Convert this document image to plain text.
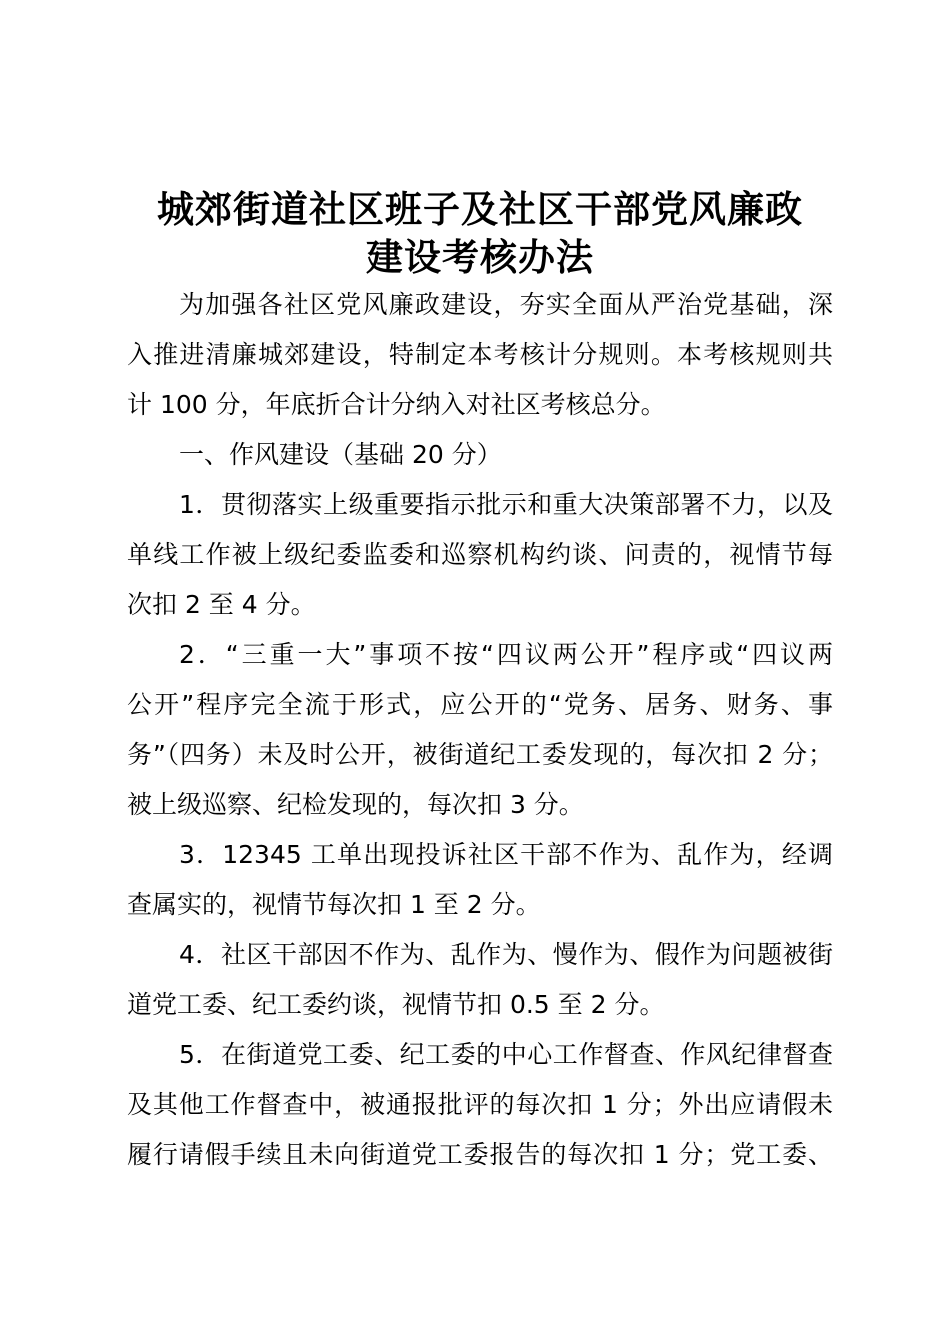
城郊街道社区班子及社区干部党风廉政
建设考核办法
为加强各社区党风廉政建设，夯实全面从严治党基础，深
入推进清廉城郊建设，特制定本考核计分规则。本考核规则共
计 100 分，年底折合计分纳入对社区考核总分。
一、作风建设（基础 20 分）
1．贯彻落实上级重要指示批示和重大决策部署不力，以及
单线工作被上级纪委监委和巡察机构约谈、问责的，视情节每
次扣 2 至 4 分。
2．“三重一大”事项不按“四议两公开”程序或“四议两
公开”程序完全流于形式，应公开的“党务、居务、财务、事
务”（四务）未及时公开，被街道纪工委发现的，每次扣 2 分；
被上级巡察、纪检发现的，每次扣 3 分。
3．12345 工单出现投诉社区干部不作为、乱作为，经调
查属实的，视情节每次扣 1 至 2 分。
4．社区干部因不作为、乱作为、慢作为、假作为问题被街
道党工委、纪工委约谈，视情节扣 0.5 至 2 分。
5．在街道党工委、纪工委的中心工作督查、作风纪律督查
及其他工作督查中，被通报批评的每次扣 1 分；外出应请假未
履行请假手续且未向街道党工委报告的每次扣 1 分；党工委、
